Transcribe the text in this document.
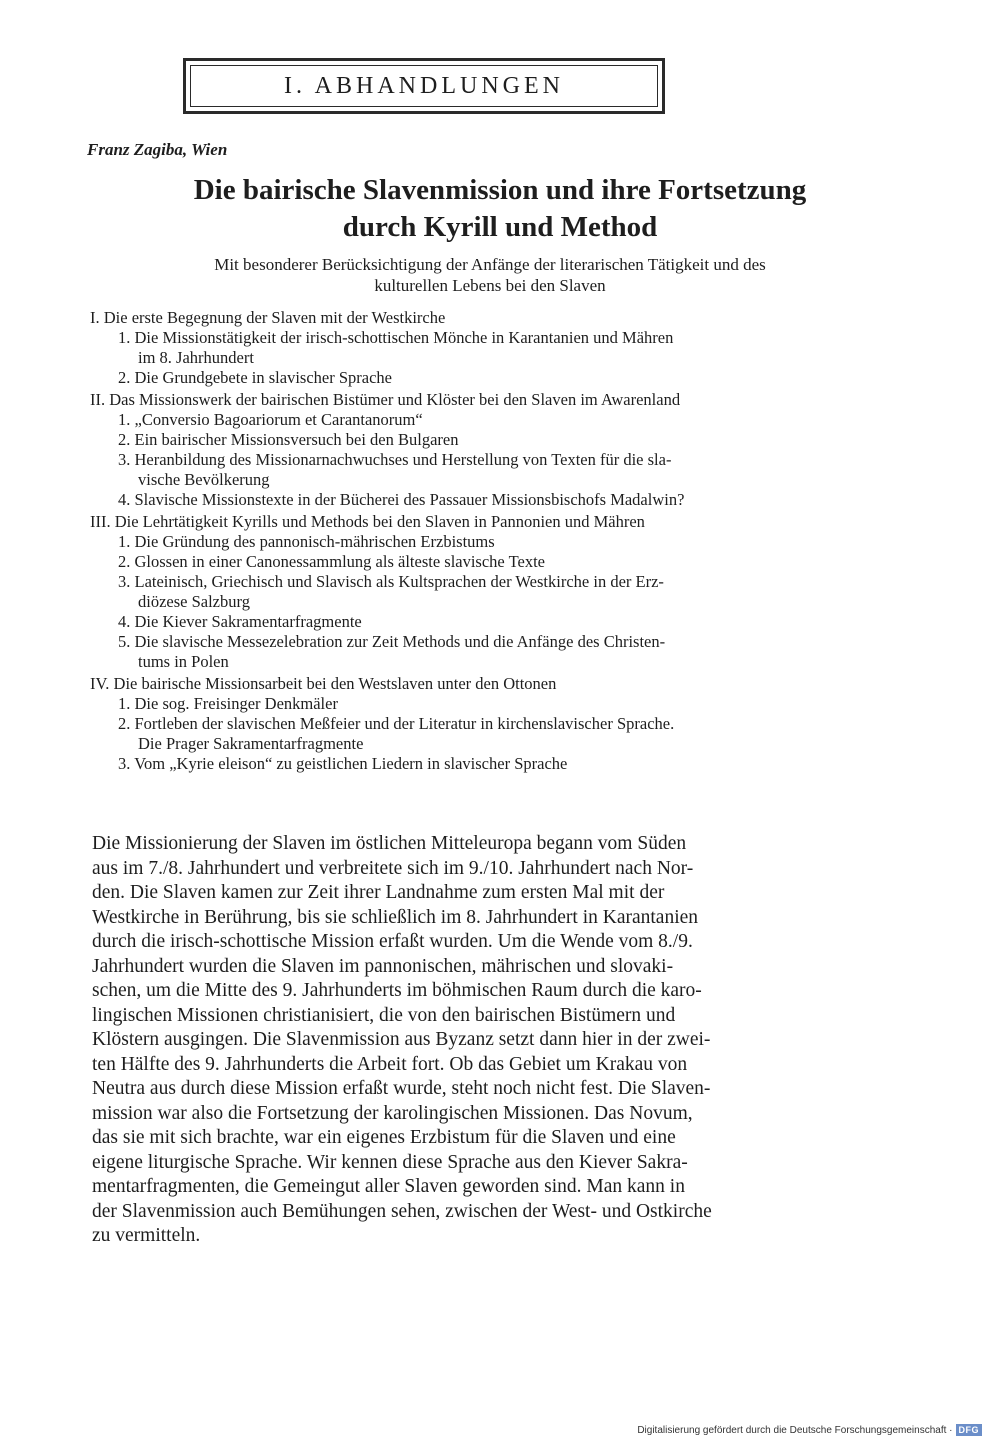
I. ABHANDLUNGEN
Franz Zagiba, Wien
Die bairische Slavenmission und ihre Fortsetzung
durch Kyrill und Method

Mit besonderer Berücksichtigung der Anfänge der literarischen Tätigkeit und des
kulturellen Lebens bei den Slaven

I. Die erste Begegnung der Slaven mit der Westkirche
1. Die Missionstätigkeit der irisch-schottischen Mönche in Karantanien und Mähren
im 8. Jahrhundert
2. Die Grundgebete in slavischer Sprache
II. Das Missionswerk der bairischen Bistümer und Klöster bei den Slaven im Awarenland
1. „Conversio Bagoariorum et Carantanorum“
2. Ein bairischer Missionsversuch bei den Bulgaren
3. Heranbildung des Missionarnachwuchses und Herstellung von Texten für die sla-
vische Bevölkerung
4. Slavische Missionstexte in der Bücherei des Passauer Missionsbischofs Madalwin?
III. Die Lehrtätigkeit Kyrills und Methods bei den Slaven in Pannonien und Mähren
1. Die Gründung des pannonisch-mährischen Erzbistums
2. Glossen in einer Canonessammlung als älteste slavische Texte
3. Lateinisch, Griechisch und Slavisch als Kultsprachen der Westkirche in der Erz-
diözese Salzburg
4. Die Kiever Sakramentarfragmente
5. Die slavische Messezelebration zur Zeit Methods und die Anfänge des Christen-
tums in Polen
IV. Die bairische Missionsarbeit bei den Westslaven unter den Ottonen
1. Die sog. Freisinger Denkmäler
2. Fortleben der slavischen Meßfeier und der Literatur in kirchenslavischer Sprache.
Die Prager Sakramentarfragmente
3. Vom „Kyrie eleison“ zu geistlichen Liedern in slavischer Sprache

Die Missionierung der Slaven im östlichen Mitteleuropa begann vom Süden
aus im 7./8. Jahrhundert und verbreitete sich im 9./10. Jahrhundert nach Nor-
den. Die Slaven kamen zur Zeit ihrer Landnahme zum ersten Mal mit der
Westkirche in Berührung, bis sie schließlich im 8. Jahrhundert in Karantanien
durch die irisch-schottische Mission erfaßt wurden. Um die Wende vom 8./9.
Jahrhundert wurden die Slaven im pannonischen, mährischen und slovaki-
schen, um die Mitte des 9. Jahrhunderts im böhmischen Raum durch die karo-
lingischen Missionen christianisiert, die von den bairischen Bistümern und
Klöstern ausgingen. Die Slavenmission aus Byzanz setzt dann hier in der zwei-
ten Hälfte des 9. Jahrhunderts die Arbeit fort. Ob das Gebiet um Krakau von
Neutra aus durch diese Mission erfaßt wurde, steht noch nicht fest. Die Slaven-
mission war also die Fortsetzung der karolingischen Missionen. Das Novum,
das sie mit sich brachte, war ein eigenes Erzbistum für die Slaven und eine
eigene liturgische Sprache. Wir kennen diese Sprache aus den Kiever Sakra-
mentarfragmenten, die Gemeingut aller Slaven geworden sind. Man kann in
der Slavenmission auch Bemühungen sehen, zwischen der West- und Ostkirche
zu vermitteln.

Digitalisierung gefördert durch die Deutsche Forschungsgemeinschaft · DFG
